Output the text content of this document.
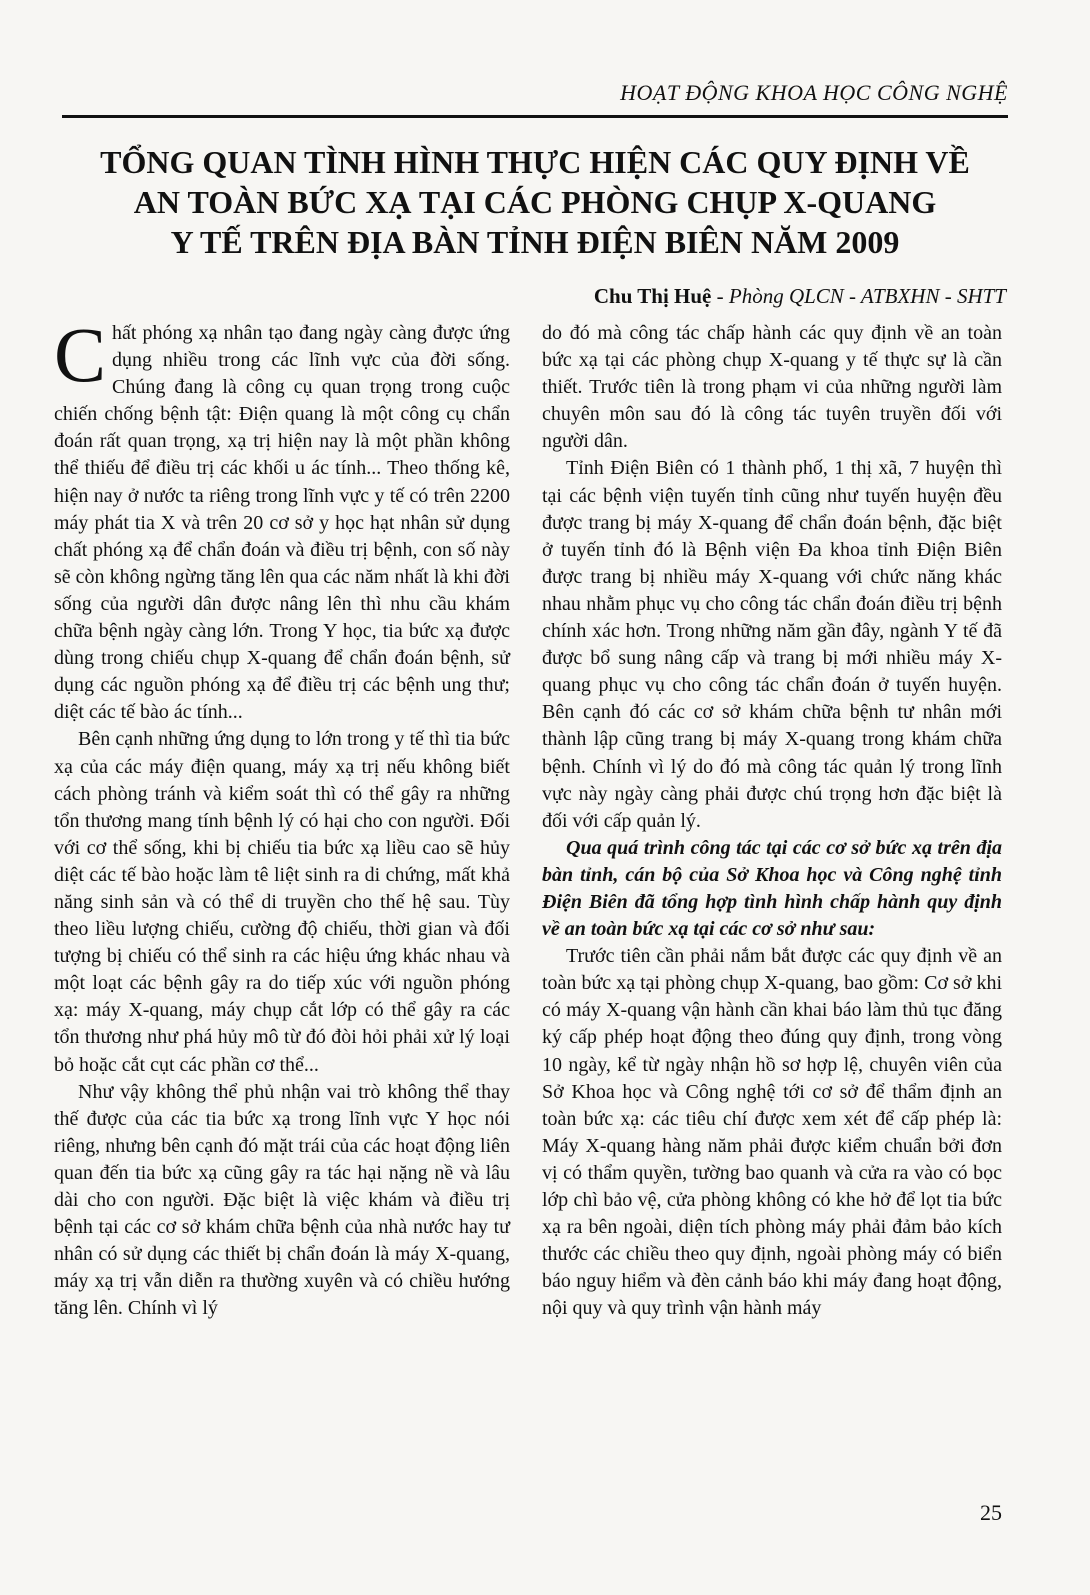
HOẠT ĐỘNG KHOA HỌC CÔNG NGHỆ
TỔNG QUAN TÌNH HÌNH THỰC HIỆN CÁC QUY ĐỊNH VỀ
AN TOÀN BỨC XẠ TẠI CÁC PHÒNG CHỤP X-QUANG
Y TẾ TRÊN ĐỊA BÀN TỈNH ĐIỆN BIÊN NĂM 2009
Chu Thị Huệ - Phòng QLCN - ATBXHN - SHTT

Chất phóng xạ nhân tạo đang ngày càng được ứng dụng nhiều trong các lĩnh vực của đời sống. Chúng đang là công cụ quan trọng trong cuộc chiến chống bệnh tật: Điện quang là một công cụ chẩn đoán rất quan trọng, xạ trị hiện nay là một phần không thể thiếu để điều trị các khối u ác tính... Theo thống kê, hiện nay ở nước ta riêng trong lĩnh vực y tế có trên 2200 máy phát tia X và trên 20 cơ sở y học hạt nhân sử dụng chất phóng xạ để chẩn đoán và điều trị bệnh, con số này sẽ còn không ngừng tăng lên qua các năm nhất là khi đời sống của người dân được nâng lên thì nhu cầu khám chữa bệnh ngày càng lớn. Trong Y học, tia bức xạ được dùng trong chiếu chụp X-quang để chẩn đoán bệnh, sử dụng các nguồn phóng xạ để điều trị các bệnh ung thư; diệt các tế bào ác tính...

Bên cạnh những ứng dụng to lớn trong y tế thì tia bức xạ của các máy điện quang, máy xạ trị nếu không biết cách phòng tránh và kiểm soát thì có thể gây ra những tổn thương mang tính bệnh lý có hại cho con người. Đối với cơ thể sống, khi bị chiếu tia bức xạ liều cao sẽ hủy diệt các tế bào hoặc làm tê liệt sinh ra di chứng, mất khả năng sinh sản và có thể di truyền cho thế hệ sau. Tùy theo liều lượng chiếu, cường độ chiếu, thời gian và đối tượng bị chiếu có thể sinh ra các hiệu ứng khác nhau và một loạt các bệnh gây ra do tiếp xúc với nguồn phóng xạ: máy X-quang, máy chụp cắt lớp có thể gây ra các tổn thương như phá hủy mô từ đó đòi hỏi phải xử lý loại bỏ hoặc cắt cụt các phần cơ thể...

Như vậy không thể phủ nhận vai trò không thể thay thế được của các tia bức xạ trong lĩnh vực Y học nói riêng, nhưng bên cạnh đó mặt trái của các hoạt động liên quan đến tia bức xạ cũng gây ra tác hại nặng nề và lâu dài cho con người. Đặc biệt là việc khám và điều trị bệnh tại các cơ sở khám chữa bệnh của nhà nước hay tư nhân có sử dụng các thiết bị chẩn đoán là máy X-quang, máy xạ trị vẫn diễn ra thường xuyên và có chiều hướng tăng lên. Chính vì lý

do đó mà công tác chấp hành các quy định về an toàn bức xạ tại các phòng chụp X-quang y tế thực sự là cần thiết. Trước tiên là trong phạm vi của những người làm chuyên môn sau đó là công tác tuyên truyền đối với người dân.

Tỉnh Điện Biên có 1 thành phố, 1 thị xã, 7 huyện thì tại các bệnh viện tuyến tỉnh cũng như tuyến huyện đều được trang bị máy X-quang để chẩn đoán bệnh, đặc biệt ở tuyến tỉnh đó là Bệnh viện Đa khoa tỉnh Điện Biên được trang bị nhiều máy X-quang với chức năng khác nhau nhằm phục vụ cho công tác chẩn đoán điều trị bệnh chính xác hơn. Trong những năm gần đây, ngành Y tế đã được bổ sung nâng cấp và trang bị mới nhiều máy X-quang phục vụ cho công tác chẩn đoán ở tuyến huyện. Bên cạnh đó các cơ sở khám chữa bệnh tư nhân mới thành lập cũng trang bị máy X-quang trong khám chữa bệnh. Chính vì lý do đó mà công tác quản lý trong lĩnh vực này ngày càng phải được chú trọng hơn đặc biệt là đối với cấp quản lý.

Qua quá trình công tác tại các cơ sở bức xạ trên địa bàn tỉnh, cán bộ của Sở Khoa học và Công nghệ tỉnh Điện Biên đã tổng hợp tình hình chấp hành quy định về an toàn bức xạ tại các cơ sở như sau:

Trước tiên cần phải nắm bắt được các quy định về an toàn bức xạ tại phòng chụp X-quang, bao gồm: Cơ sở khi có máy X-quang vận hành cần khai báo làm thủ tục đăng ký cấp phép hoạt động theo đúng quy định, trong vòng 10 ngày, kể từ ngày nhận hồ sơ hợp lệ, chuyên viên của Sở Khoa học và Công nghệ tới cơ sở để thẩm định an toàn bức xạ: các tiêu chí được xem xét để cấp phép là: Máy X-quang hàng năm phải được kiểm chuẩn bởi đơn vị có thẩm quyền, tường bao quanh và cửa ra vào có bọc lớp chì bảo vệ, cửa phòng không có khe hở để lọt tia bức xạ ra bên ngoài, diện tích phòng máy phải đảm bảo kích thước các chiều theo quy định, ngoài phòng máy có biển báo nguy hiểm và đèn cảnh báo khi máy đang hoạt động, nội quy và quy trình vận hành máy

25
